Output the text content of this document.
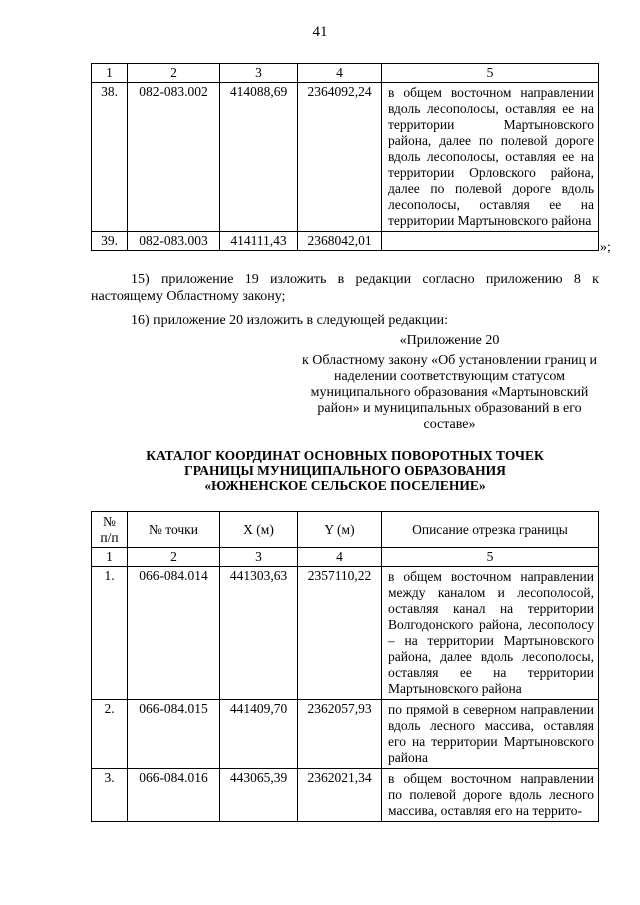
41
1	2	3	4	5
38.	082-083.002	414088,69	2364092,24	в общем восточном направлении вдоль лесополосы, оставляя ее на территории Мартыновского района, далее по полевой дороге вдоль лесополосы, оставляя ее на территории Орловского района, далее по полевой дороге вдоль лесополосы, оставляя ее на территории Мартыновского района
39.	082-083.003	414111,43	2368042,01		»;
15) приложение 19 изложить в редакции согласно приложению 8 к настоящему Областному закону;
16) приложение 20 изложить в следующей редакции:
«Приложение 20
к Областному закону «Об установлении границ и наделении соответствующим статусом муниципального образования «Мартыновский район» и муниципальных образований в его составе»
КАТАЛОГ КООРДИНАТ ОСНОВНЫХ ПОВОРОТНЫХ ТОЧЕК
ГРАНИЦЫ МУНИЦИПАЛЬНОГО ОБРАЗОВАНИЯ
«ЮЖНЕНСКОЕ СЕЛЬСКОЕ ПОСЕЛЕНИЕ»
№ п/п	№ точки	X (м)	Y (м)	Описание отрезка границы
1	2	3	4	5
1.	066-084.014	441303,63	2357110,22	в общем восточном направлении между каналом и лесополосой, оставляя канал на территории Волгодонского района, лесополосу – на территории Мартыновского района, далее вдоль лесополосы, оставляя ее на территории Мартыновского района
2.	066-084.015	441409,70	2362057,93	по прямой в северном направлении вдоль лесного массива, оставляя его на территории Мартыновского района
3.	066-084.016	443065,39	2362021,34	в общем восточном направлении по полевой дороге вдоль лесного массива, оставляя его на террито-
